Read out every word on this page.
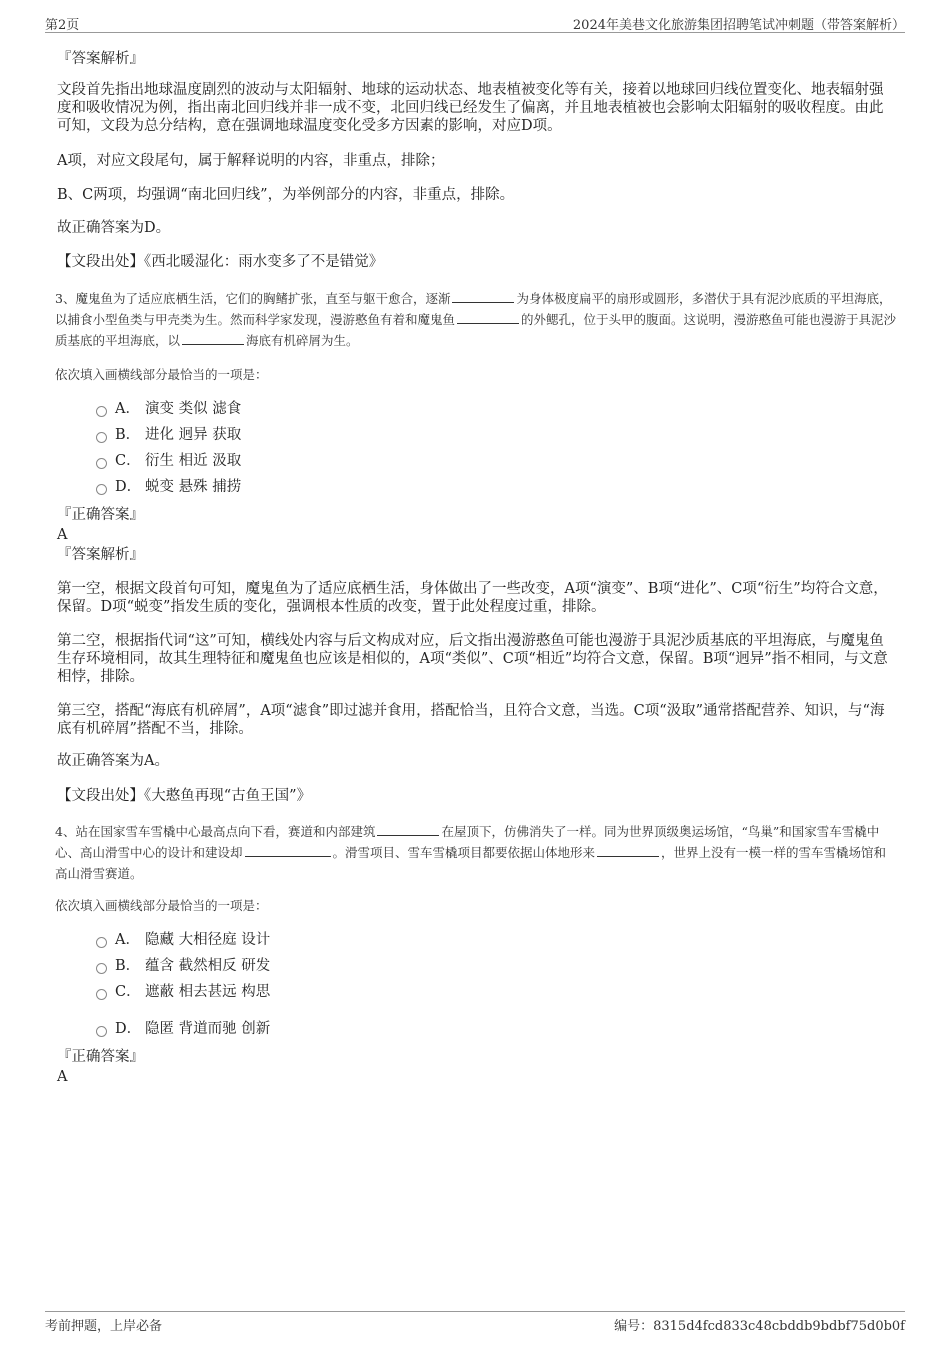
第2页	2024年美巷文化旅游集团招聘笔试冲刺题（带答案解析）
『答案解析』
文段首先指出地球温度剧烈的波动与太阳辐射、地球的运动状态、地表植被变化等有关，接着以地球回归线位置变化、地表辐射强度和吸收情况为例，指出南北回归线并非一成不变，北回归线已经发生了偏离，并且地表植被也会影响太阳辐射的吸收程度。由此可知，文段为总分结构，意在强调地球温度变化受多方因素的影响，对应D项。
A项，对应文段尾句，属于解释说明的内容，非重点，排除；
B、C两项，均强调“南北回归线”，为举例部分的内容，非重点，排除。
故正确答案为D。
【文段出处】《西北暖湿化：雨水变多了不是错觉》
3、魔鬼鱼为了适应底栖生活，它们的胸鳍扩张，直至与躯干愈合，逐渐	为身体极度扁平的扇形或圆形，多潜伏于具有泥沙底质的平坦海底，以捕食小型鱼类与甲壳类为生。然而科学家发现，漫游憨鱼有着和魔鬼鱼	的外鳃孔，位于头甲的腹面。这说明，漫游憨鱼可能也漫游于具泥沙质基底的平坦海底，以	海底有机碎屑为生。
依次填入画横线部分最恰当的一项是：
A． 演变 类似 滤食
B． 进化 迥异 获取
C． 衍生 相近 汲取
D． 蜕变 悬殊 捕捞
『正确答案』
A
『答案解析』
第一空，根据文段首句可知，魔鬼鱼为了适应底栖生活，身体做出了一些改变，A项“演变”、B项“进化”、C项“衍生”均符合文意，保留。D项“蜕变”指发生质的变化，强调根本性质的改变，置于此处程度过重，排除。
第二空，根据指代词“这”可知，横线处内容与后文构成对应，后文指出漫游憨鱼可能也漫游于具泥沙质基底的平坦海底，与魔鬼鱼生存环境相同，故其生理特征和魔鬼鱼也应该是相似的，A项“类似”、C项“相近”均符合文意，保留。B项“迥异”指不相同，与文意相悖，排除。
第三空，搭配“海底有机碎屑”，A项“滤食”即过滤并食用，搭配恰当，且符合文意，当选。C项“汲取”通常搭配营养、知识，与“海底有机碎屑”搭配不当，排除。
故正确答案为A。
【文段出处】《大憨鱼再现“古鱼王国”》
4、站在国家雪车雪橇中心最高点向下看，赛道和内部建筑	在屋顶下，仿佛消失了一样。同为世界顶级奥运场馆，“鸟巢”和国家雪车雪橇中心、高山滑雪中心的设计和建设却	。滑雪项目、雪车雪橇项目都要依据山体地形来	，世界上没有一模一样的雪车雪橇场馆和高山滑雪赛道。
依次填入画横线部分最恰当的一项是：
A． 隐藏 大相径庭 设计
B． 蕴含 截然相反 研发
C． 遮蔽 相去甚远 构思
D． 隐匿 背道而驰 创新
『正确答案』
A
考前押题，上岸必备	编号：8315d4fcd833c48cbddb9bdbf75d0b0f
